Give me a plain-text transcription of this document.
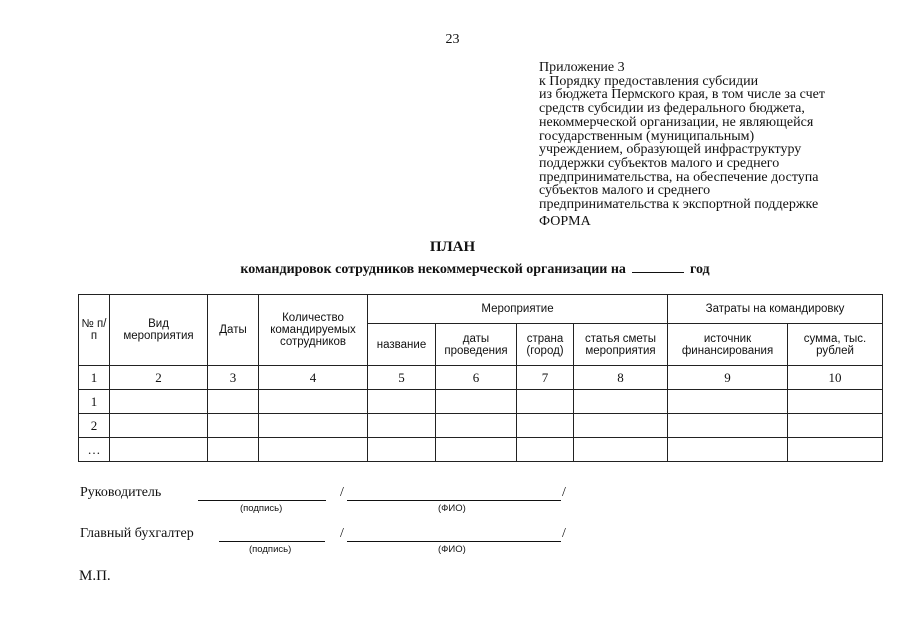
23
Приложение 3
к Порядку предоставления субсидии
из бюджета Пермского края, в том числе за счет
средств субсидии из федерального бюджета,
некоммерческой организации, не являющейся
государственным (муниципальным)
учреждением, образующей инфраструктуру
поддержки субъектов малого и среднего
предпринимательства, на обеспечение доступа
субъектов малого и среднего
предпринимательства к экспортной поддержке
ФОРМА
ПЛАН
командировок сотрудников некоммерческой организации на	год
№ п/п	Вид мероприятия	Даты	Количество командируемых сотрудников	Мероприятие				Затраты на командировку	
				название	даты проведения	страна (город)	статья сметы мероприятия	источник финансирования	сумма, тыс. рублей
1	2	3	4	5	6	7	8	9	10
1									
2									
…									
Руководитель	/	/
(подпись)	(ФИО)
Главный бухгалтер	/	/
(подпись)	(ФИО)
М.П.
